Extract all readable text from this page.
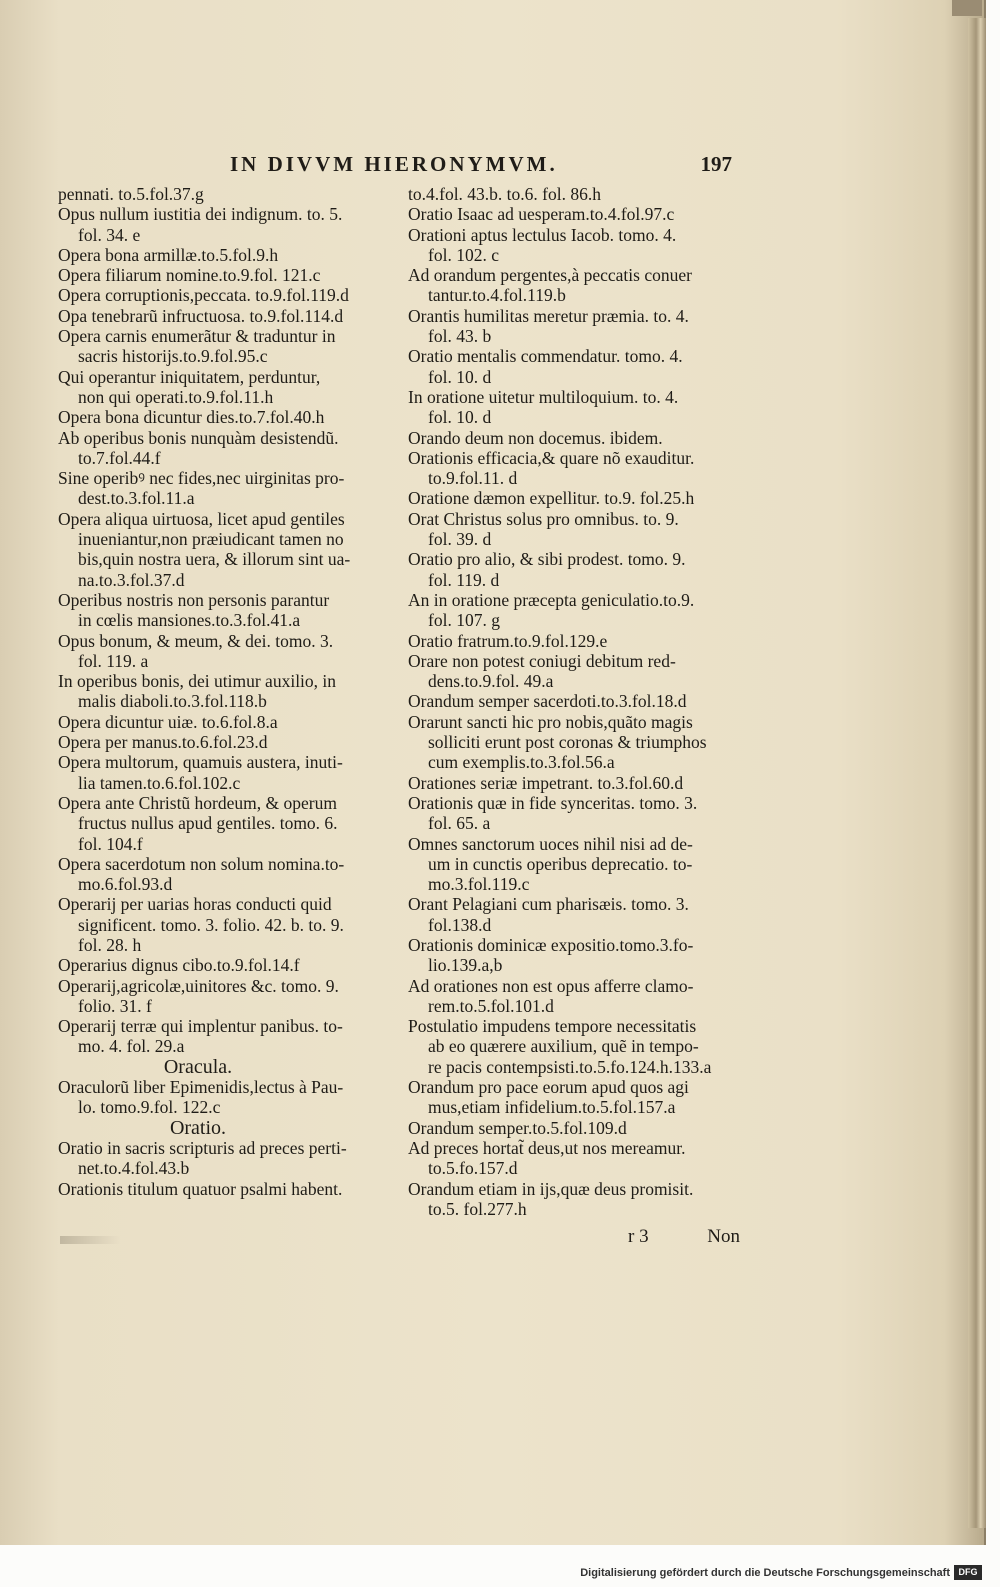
IN DIVVM HIERONYMVM.	197

pennati. to.5.fol.37.g

Opus nullum iustitia dei indignum. to. 5.
fol. 34. e

Opera bona armillæ.to.5.fol.9.h

Opera filiarum nomine.to.9.fol. 121.c

Opera corruptionis,peccata. to.9.fol.119.d

Opa tenebrarũ infructuosa. to.9.fol.114.d

Opera carnis enumerãtur & traduntur in
sacris historijs.to.9.fol.95.c

Qui operantur iniquitatem, perduntur,
non qui operati.to.9.fol.11.h

Opera bona dicuntur dies.to.7.fol.40.h

Ab operibus bonis nunquàm desistendũ.
to.7.fol.44.f

Sine operibꝰ nec fides,nec uirginitas pro-
dest.to.3.fol.11.a

Opera aliqua uirtuosa, licet apud gentiles
inueniantur,non præiudicant tamen no
bis,quin nostra uera, & illorum sint ua-
na.to.3.fol.37.d

Operibus nostris non personis parantur
in cœlis mansiones.to.3.fol.41.a

Opus bonum, & meum, & dei. tomo. 3.
fol. 119. a

In operibus bonis, dei utimur auxilio, in
malis diaboli.to.3.fol.118.b

Opera dicuntur uiæ. to.6.fol.8.a

Opera per manus.to.6.fol.23.d

Opera multorum, quamuis austera, inuti-
lia tamen.to.6.fol.102.c

Opera ante Christũ hordeum, & operum
fructus nullus apud gentiles. tomo. 6.
fol. 104.f

Opera sacerdotum non solum nomina.to-
mo.6.fol.93.d

Operarij per uarias horas conducti quid
significent. tomo. 3. folio. 42. b. to. 9.
fol. 28. h

Operarius dignus cibo.to.9.fol.14.f

Operarij,agricolæ,uinitores &c. tomo. 9.
folio. 31. f

Operarij terræ qui implentur panibus. to-
mo. 4. fol. 29.a

Oracula.

Oraculorũ liber Epimenidis,lectus à Pau-
lo. tomo.9.fol. 122.c

Oratio.

Oratio in sacris scripturis ad preces perti-
net.to.4.fol.43.b

Orationis titulum quatuor psalmi habent.

to.4.fol. 43.b. to.6. fol. 86.h

Oratio Isaac ad uesperam.to.4.fol.97.c

Orationi aptus lectulus Iacob. tomo. 4.
fol. 102. c

Ad orandum pergentes,à peccatis conuer
tantur.to.4.fol.119.b

Orantis humilitas meretur præmia. to. 4.
fol. 43. b

Oratio mentalis commendatur. tomo. 4.
fol. 10. d

In oratione uitetur multiloquium. to. 4.
fol. 10. d

Orando deum non docemus. ibidem.

Orationis efficacia,& quare nõ exauditur.
to.9.fol.11. d

Oratione dæmon expellitur. to.9. fol.25.h

Orat Christus solus pro omnibus. to. 9.
fol. 39. d

Oratio pro alio, & sibi prodest. tomo. 9.
fol. 119. d

An in oratione præcepta geniculatio.to.9.
fol. 107. g

Oratio fratrum.to.9.fol.129.e

Orare non potest coniugi debitum red-
dens.to.9.fol. 49.a

Orandum semper sacerdoti.to.3.fol.18.d

Orarunt sancti hic pro nobis,quãto magis
solliciti erunt post coronas & triumphos
cum exemplis.to.3.fol.56.a

Orationes seriæ impetrant. to.3.fol.60.d

Orationis quæ in fide synceritas. tomo. 3.
fol. 65. a

Omnes sanctorum uoces nihil nisi ad de-
um in cunctis operibus deprecatio. to-
mo.3.fol.119.c

Orant Pelagiani cum pharisæis. tomo. 3.
fol.138.d

Orationis dominicæ expositio.tomo.3.fo-
lio.139.a,b

Ad orationes non est opus afferre clamo-
rem.to.5.fol.101.d

Postulatio impudens tempore necessitatis
ab eo quærere auxilium, quẽ in tempo-
re pacis contempsisti.to.5.fo.124.h.133.a

Orandum pro pace eorum apud quos agi
mus,etiam infidelium.to.5.fol.157.a

Orandum semper.to.5.fol.109.d

Ad preces hortat̃ deus,ut nos mereamur.
to.5.fo.157.d

Orandum etiam in ijs,quæ deus promisit.
to.5. fol.277.h

r 3	Non
Digitalisierung gefördert durch die Deutsche Forschungsgemeinschaft DFG
